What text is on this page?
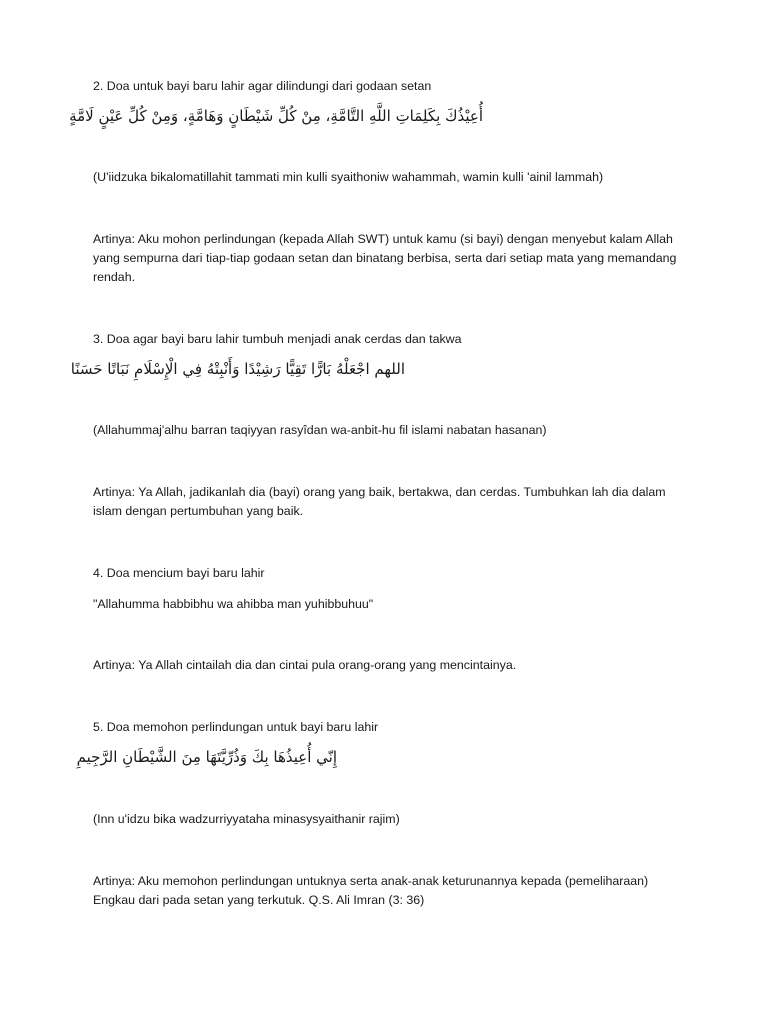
2. Doa untuk bayi baru lahir agar dilindungi dari godaan setan
أُعِيْذُكَ بِكَلِمَاتِ اللَّهِ التَّامَّةِ، مِنْ كُلِّ شَيْطَانٍ وَهَامَّةٍ، وَمِنْ كُلِّ عَيْنٍ لَامَّةٍ
(U'iidzuka bikalomatillahit tammati min kulli syaithoniw wahammah, wamin kulli 'ainil lammah)
Artinya: Aku mohon perlindungan (kepada Allah SWT) untuk kamu (si bayi) dengan menyebut kalam Allah yang sempurna dari tiap-tiap godaan setan dan binatang berbisa, serta dari setiap mata yang memandang rendah.
3. Doa agar bayi baru lahir tumbuh menjadi anak cerdas dan takwa
اللهم اجْعَلْهُ بَارًّا تَقِيًّا رَشِيْدًا وَأَنْبِتْهُ فِي الْإِسْلَامِ نَبَاتًا حَسَنًا
(Allahummaj'alhu barran taqiyyan rasyîdan wa-anbit-hu fil islami nabatan hasanan)
Artinya: Ya Allah, jadikanlah dia (bayi) orang yang baik, bertakwa, dan cerdas. Tumbuhkan lah dia dalam islam dengan pertumbuhan yang baik.
4. Doa mencium bayi baru lahir
"Allahumma habbibhu wa ahibba man yuhibbuhuu"
Artinya: Ya Allah cintailah dia dan cintai pula orang-orang yang mencintainya.
5. Doa memohon perlindungan untuk bayi baru lahir
إِنّي أُعِيذُهَا بِكَ وَذُرِّيَّتَهَا مِنَ الشَّيْطَانِ الرَّجِيمِ
(Inn u'idzu bika wadzurriyyataha minasysyaithanir rajim)
Artinya: Aku memohon perlindungan untuknya serta anak-anak keturunannya kepada (pemeliharaan) Engkau dari pada setan yang terkutuk. Q.S. Ali Imran (3: 36)
